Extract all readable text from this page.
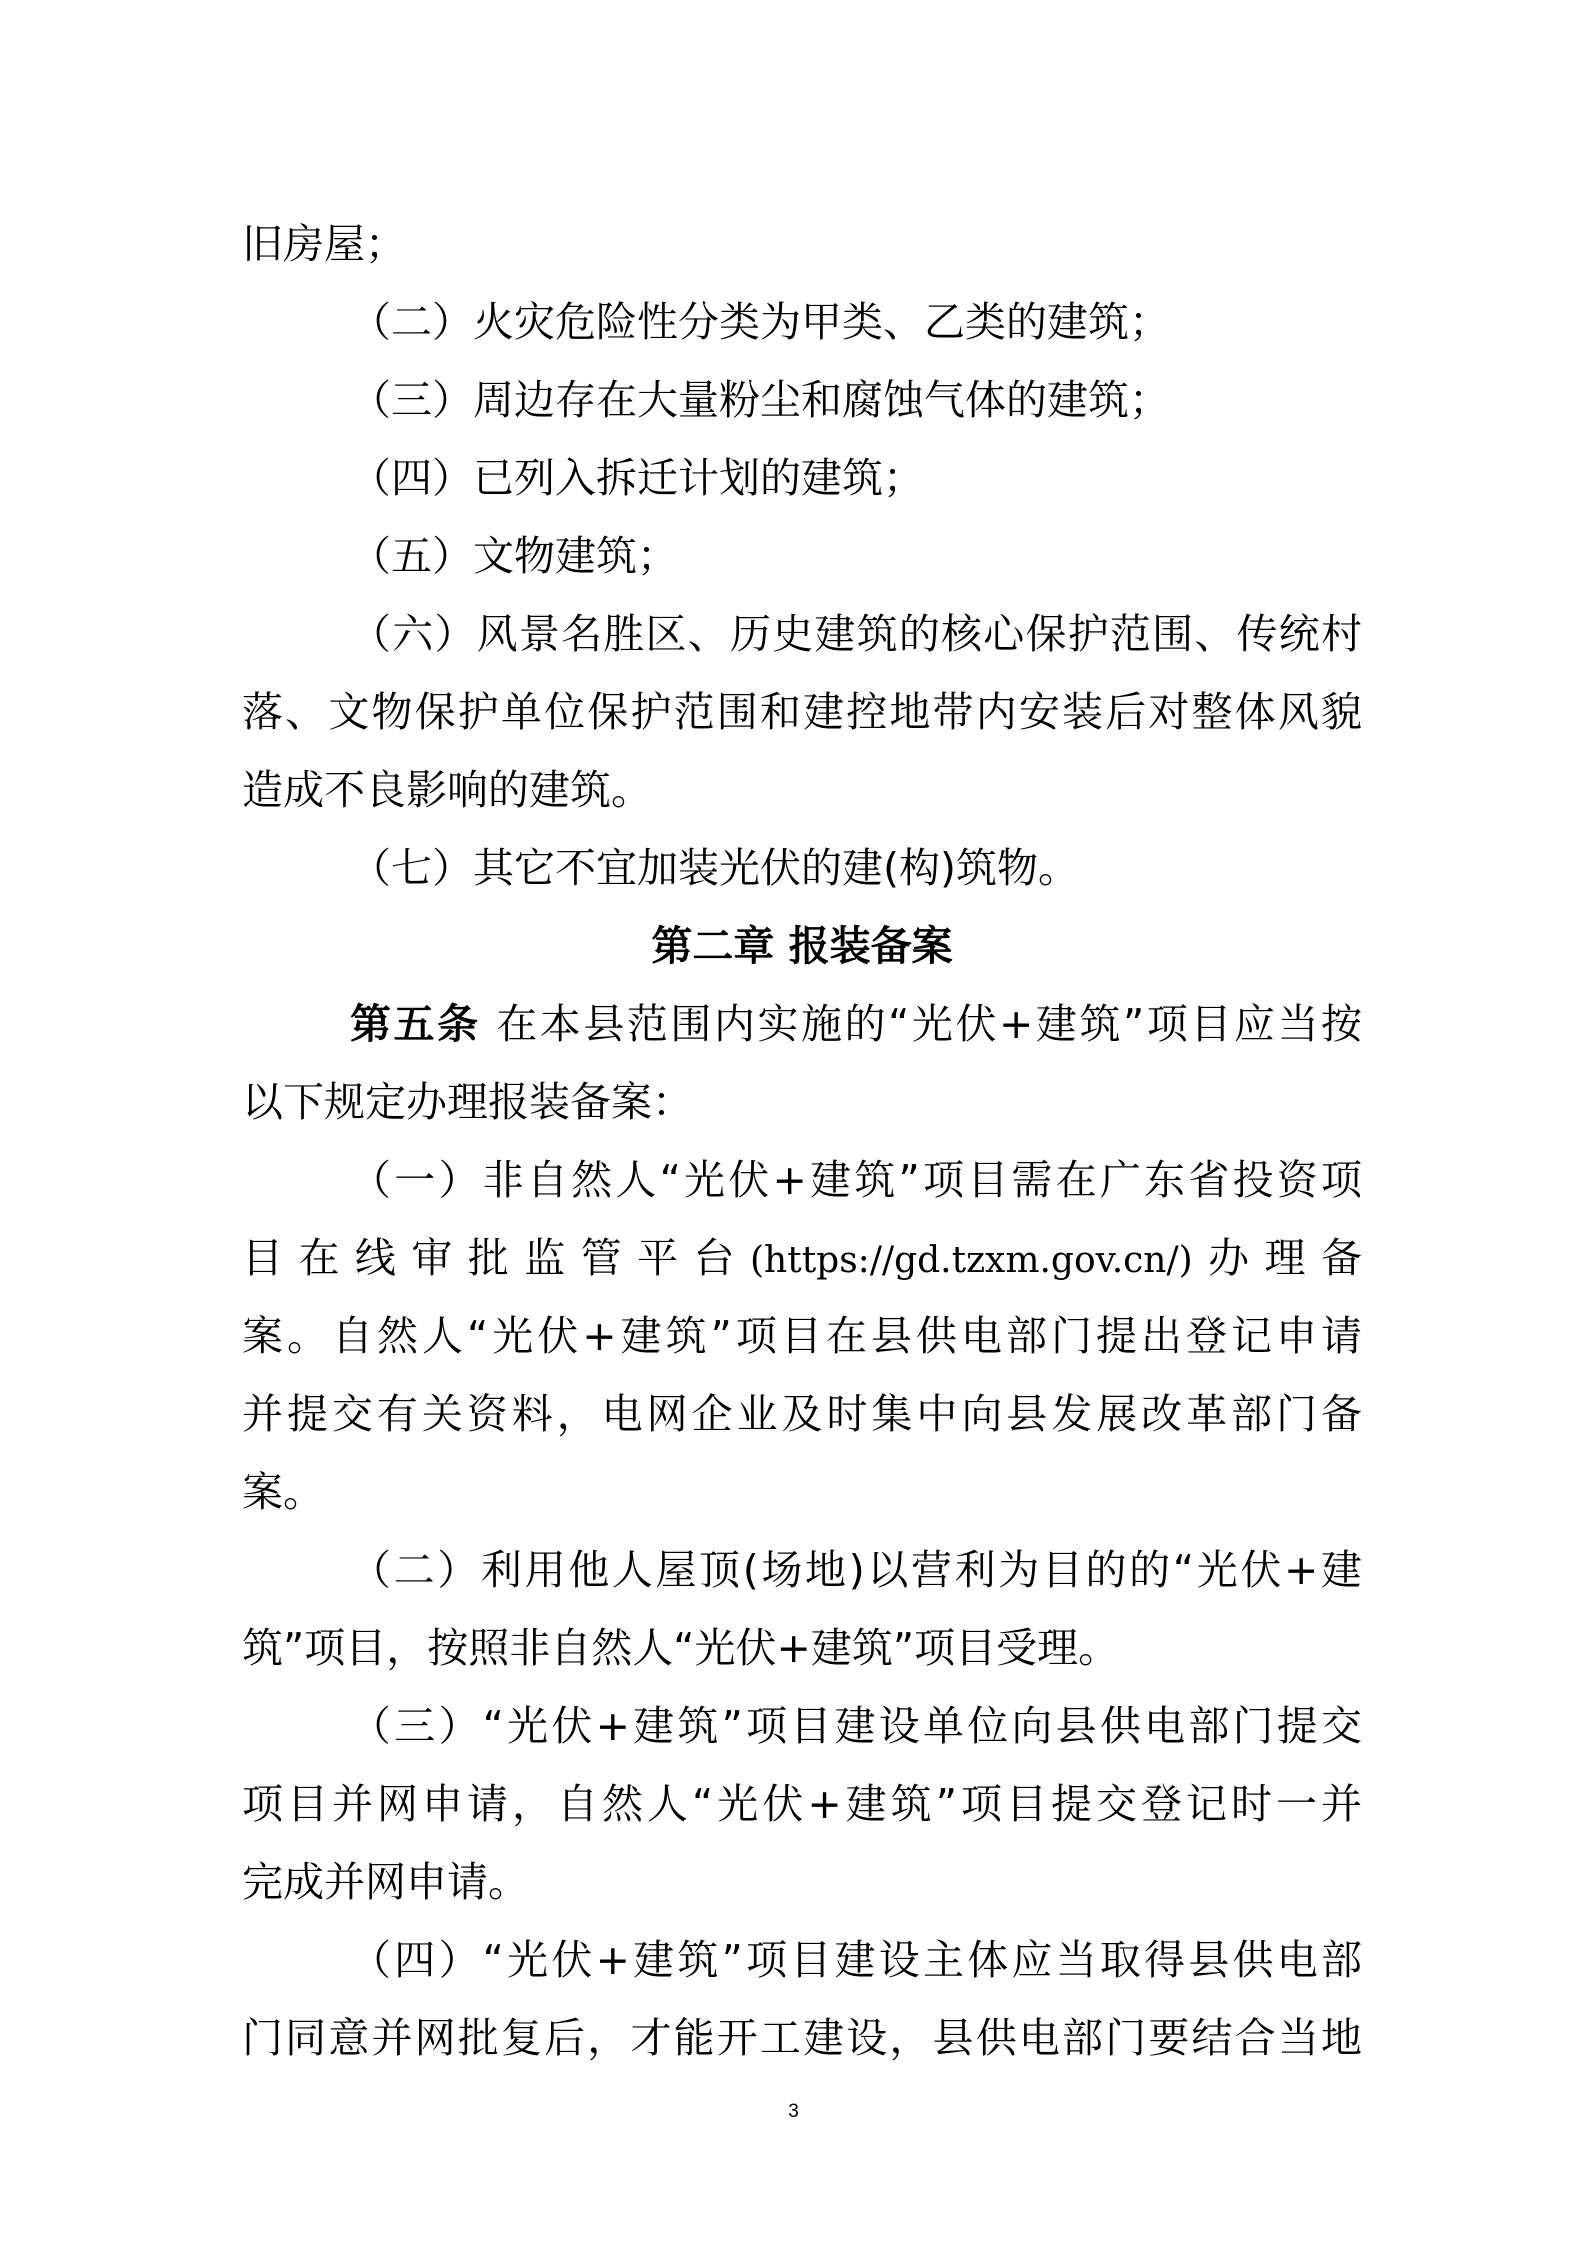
旧房屋；
（二）火灾危险性分类为甲类、乙类的建筑；
（三）周边存在大量粉尘和腐蚀气体的建筑；
（四）已列入拆迁计划的建筑；
（五）文物建筑；
（六）风景名胜区、历史建筑的核心保护范围、传统村
落、文物保护单位保护范围和建控地带内安装后对整体风貌
造成不良影响的建筑。
（七）其它不宜加装光伏的建(构)筑物。
第二章 报装备案
第五条 在本县范围内实施的“光伏+建筑”项目应当按
以下规定办理报装备案：
（一）非自然人“光伏+建筑”项目需在广东省投资项
目在线审批监管平台(https://gd.tzxm.gov.cn/)办理备
案。自然人“光伏+建筑”项目在县供电部门提出登记申请
并提交有关资料，电网企业及时集中向县发展改革部门备
案。
（二）利用他人屋顶(场地)以营利为目的的“光伏+建
筑”项目，按照非自然人“光伏+建筑”项目受理。
（三）“光伏+建筑”项目建设单位向县供电部门提交
项目并网申请，自然人“光伏+建筑”项目提交登记时一并
完成并网申请。
（四）“光伏+建筑”项目建设主体应当取得县供电部
门同意并网批复后，才能开工建设，县供电部门要结合当地
3
